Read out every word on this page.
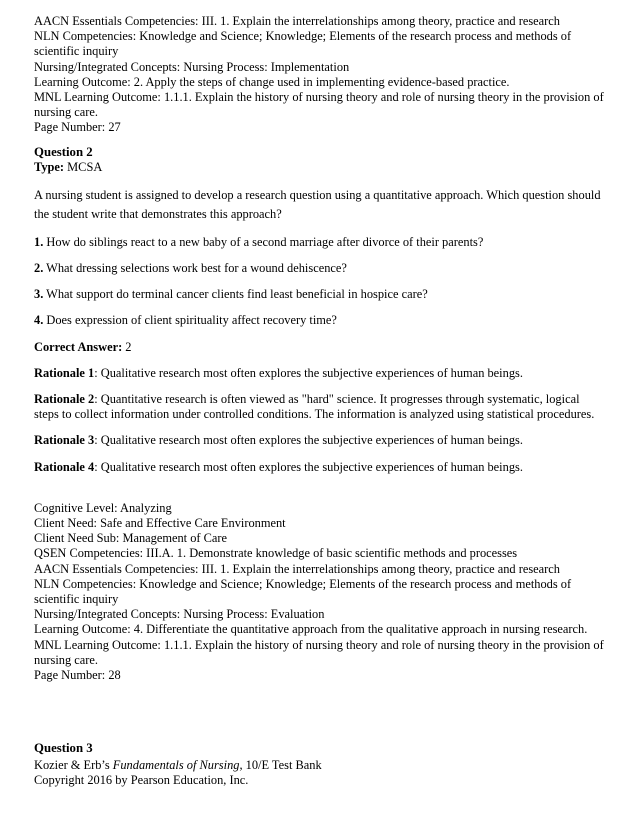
AACN Essentials Competencies: III. 1. Explain the interrelationships among theory, practice and research
NLN Competencies: Knowledge and Science; Knowledge; Elements of the research process and methods of scientific inquiry
Nursing/Integrated Concepts: Nursing Process: Implementation
Learning Outcome: 2. Apply the steps of change used in implementing evidence-based practice.
MNL Learning Outcome: 1.1.1. Explain the history of nursing theory and role of nursing theory in the provision of nursing care.
Page Number: 27
Question 2
Type: MCSA

A nursing student is assigned to develop a research question using a quantitative approach. Which question should the student write that demonstrates this approach?

1. How do siblings react to a new baby of a second marriage after divorce of their parents?

2. What dressing selections work best for a wound dehiscence?

3. What support do terminal cancer clients find least beneficial in hospice care?

4. Does expression of client spirituality affect recovery time?

Correct Answer: 2

Rationale 1: Qualitative research most often explores the subjective experiences of human beings.

Rationale 2: Quantitative research is often viewed as "hard" science. It progresses through systematic, logical steps to collect information under controlled conditions. The information is analyzed using statistical procedures.

Rationale 3: Qualitative research most often explores the subjective experiences of human beings.

Rationale 4: Qualitative research most often explores the subjective experiences of human beings.

Cognitive Level: Analyzing
Client Need: Safe and Effective Care Environment
Client Need Sub: Management of Care
QSEN Competencies: III.A. 1. Demonstrate knowledge of basic scientific methods and processes
AACN Essentials Competencies: III. 1. Explain the interrelationships among theory, practice and research
NLN Competencies: Knowledge and Science; Knowledge; Elements of the research process and methods of scientific inquiry
Nursing/Integrated Concepts: Nursing Process: Evaluation
Learning Outcome: 4. Differentiate the quantitative approach from the qualitative approach in nursing research.
MNL Learning Outcome: 1.1.1. Explain the history of nursing theory and role of nursing theory in the provision of nursing care.
Page Number: 28
Question 3
Kozier & Erb’s Fundamentals of Nursing, 10/E Test Bank
Copyright 2016 by Pearson Education, Inc.
